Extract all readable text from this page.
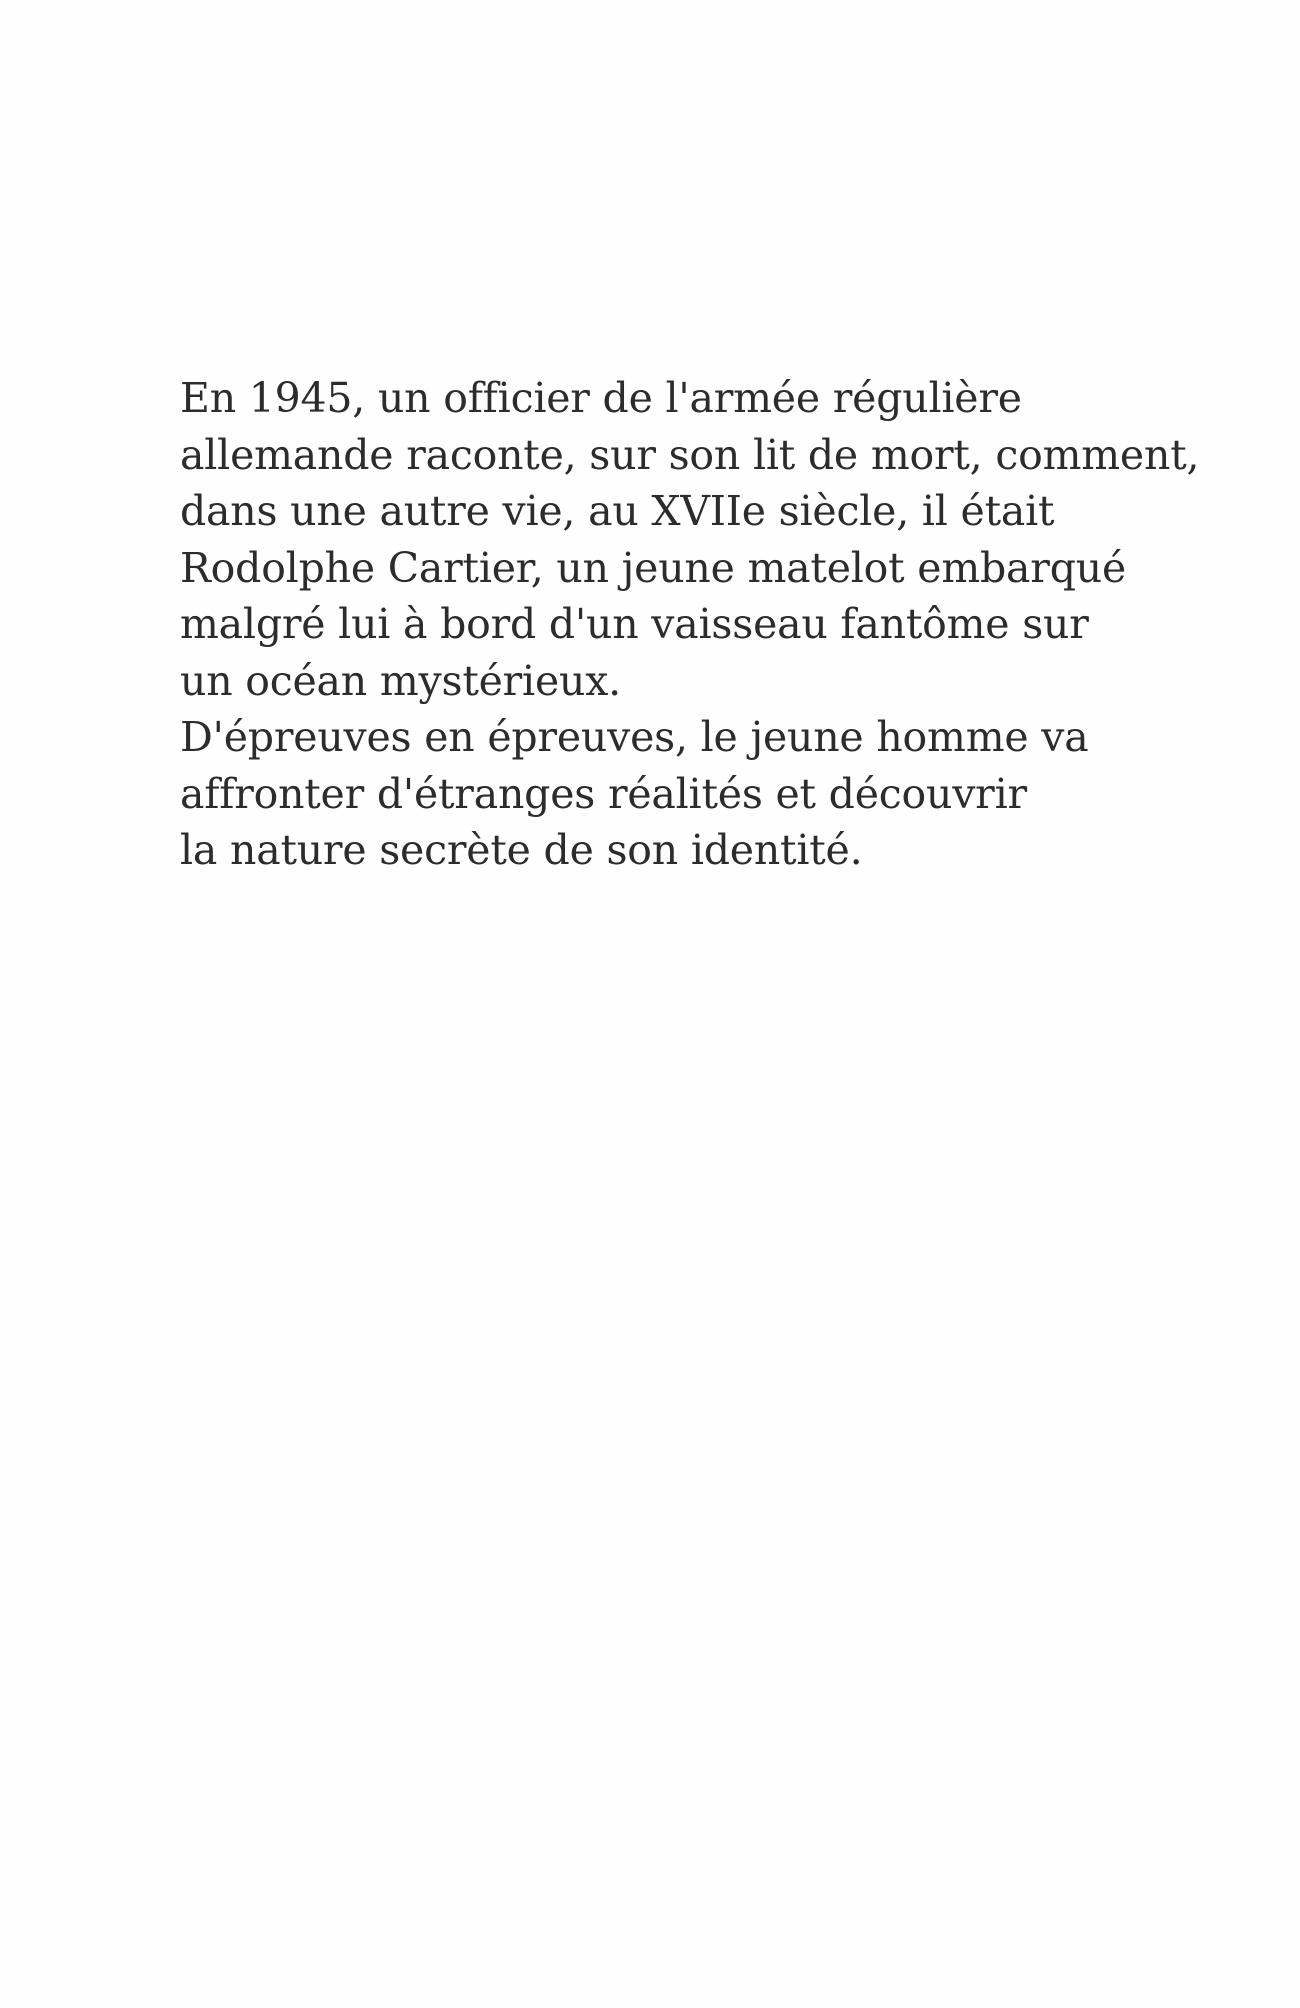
En 1945, un officier de l'armée régulière
allemande raconte, sur son lit de mort, comment,
dans une autre vie, au XVIIe siècle, il était
Rodolphe Cartier, un jeune matelot embarqué
malgré lui à bord d'un vaisseau fantôme sur
un océan mystérieux.
D'épreuves en épreuves, le jeune homme va
affronter d'étranges réalités et découvrir
la nature secrète de son identité.
